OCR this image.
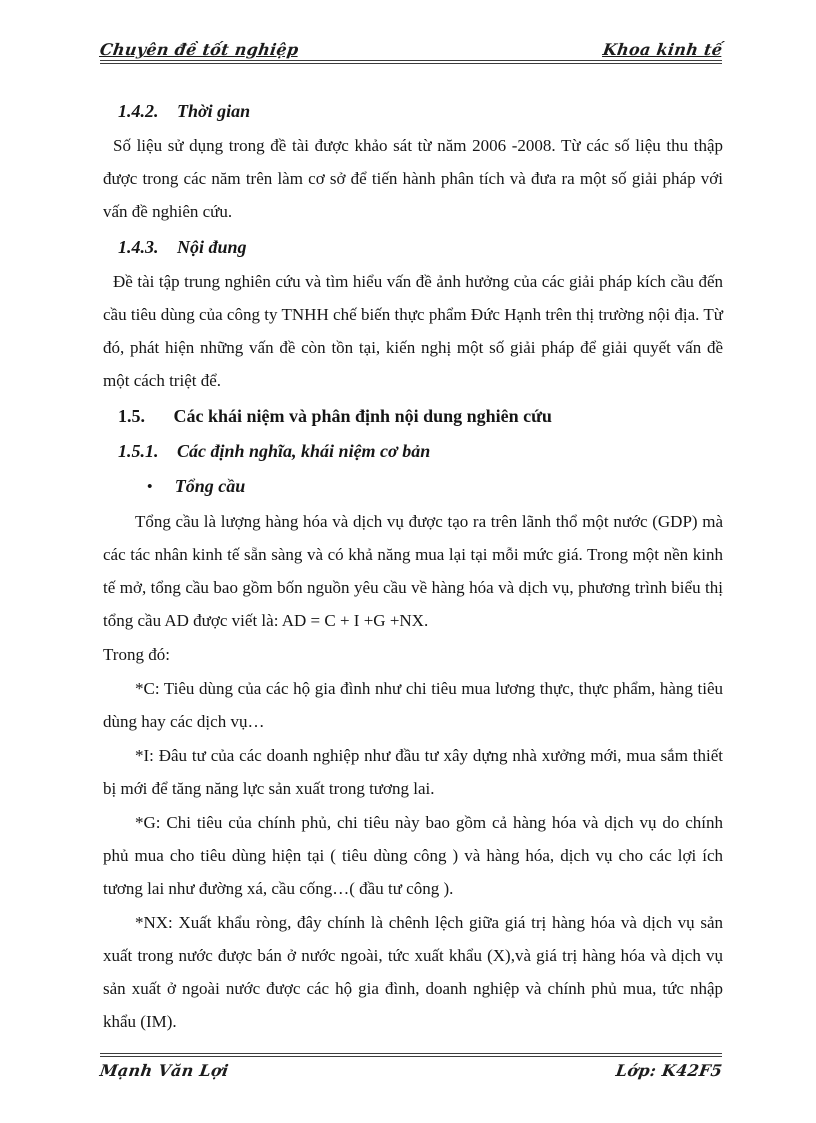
Chuyên đề tốt nghiệp	Khoa kinh tế
1.4.2. Thời gian

Số liệu sử dụng trong đề tài được khảo sát từ năm 2006 -2008. Từ các số liệu thu thập được trong các năm trên làm cơ sở để tiến hành phân tích và đưa ra một số giải pháp với vấn đề nghiên cứu.

1.4.3. Nội đung

Đề tài tập trung nghiên cứu và tìm hiểu vấn đề ảnh hưởng của các giải pháp kích cầu đến cầu tiêu dùng của công ty TNHH chế biến thực phẩm Đức Hạnh trên thị trường nội địa. Từ đó, phát hiện những vấn đề còn tồn tại, kiến nghị một số giải pháp để giải quyết vấn đề một cách triệt để.

1.5. Các khái niệm và phân định nội dung nghiên cứu
1.5.1. Các định nghĩa, khái niệm cơ bản
• Tổng cầu

Tổng cầu là lượng hàng hóa và dịch vụ được tạo ra trên lãnh thổ một nước (GDP) mà các tác nhân kinh tế sẵn sàng và có khả năng mua lại tại mỗi mức giá. Trong một nền kinh tế mở, tổng cầu bao gồm bốn nguồn yêu cầu về hàng hóa và dịch vụ, phương trình biểu thị tổng cầu AD được viết là: AD = C + I +G +NX.

Trong đó:

*C: Tiêu dùng của các hộ gia đình như chi tiêu mua lương thực, thực phẩm, hàng tiêu dùng hay các dịch vụ…

*I: Đâu tư của các doanh nghiệp như đầu tư xây dựng nhà xưởng mới, mua sắm thiết bị mới để tăng năng lực sản xuất trong tương lai.

*G: Chi tiêu của chính phủ, chi tiêu này bao gồm cả hàng hóa và dịch vụ do chính phủ mua cho tiêu dùng hiện tại ( tiêu dùng công ) và hàng hóa, dịch vụ cho các lợi ích tương lai như đường xá, cầu cống…( đầu tư công ).

*NX: Xuất khẩu ròng, đây chính là chênh lệch giữa giá trị hàng hóa và dịch vụ sản xuất trong nước được bán ở nước ngoài, tức xuất khẩu (X),và giá trị hàng hóa và dịch vụ sản xuất ở ngoài nước được các hộ gia đình, doanh nghiệp và chính phủ mua, tức nhập khẩu (IM).

Mạnh Văn Lợi	Lớp: K42F5
